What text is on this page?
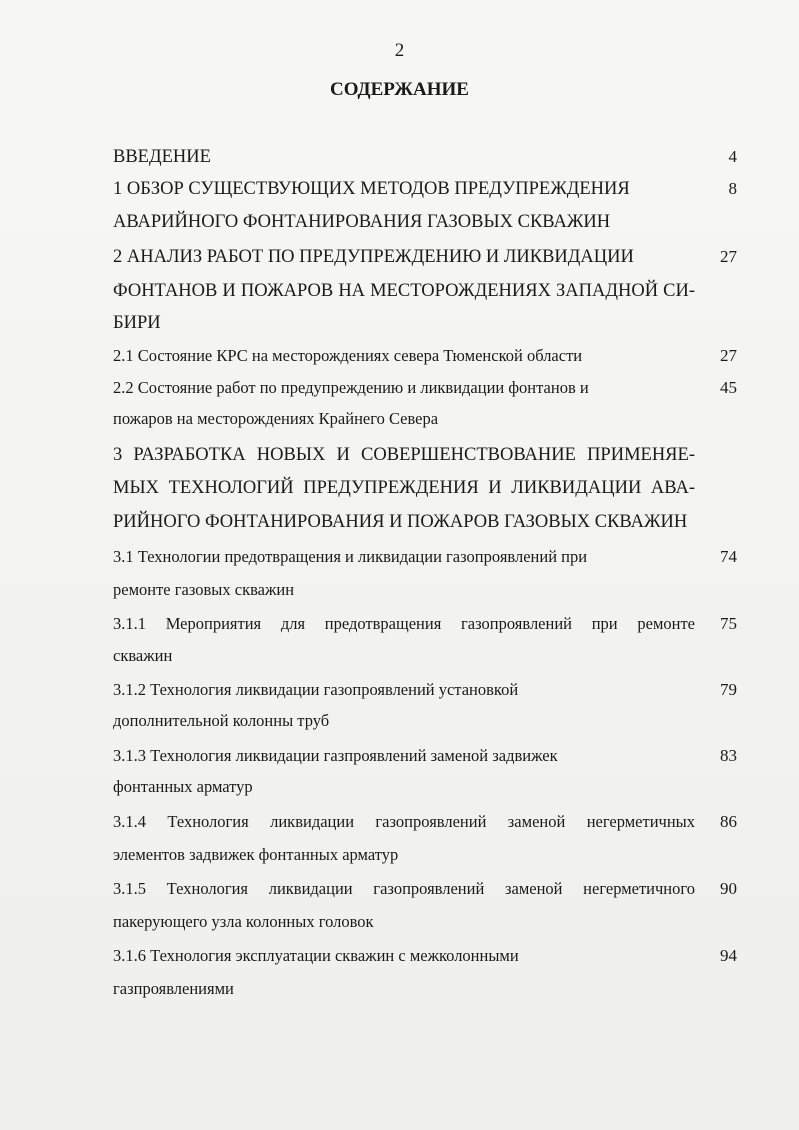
2
СОДЕРЖАНИЕ
ВВЕДЕНИЕ	4
1 ОБЗОР СУЩЕСТВУЮЩИХ МЕТОДОВ ПРЕДУПРЕЖДЕНИЯ
АВАРИЙНОГО ФОНТАНИРОВАНИЯ ГАЗОВЫХ СКВАЖИН
8
2 АНАЛИЗ РАБОТ ПО ПРЕДУПРЕЖДЕНИЮ И ЛИКВИДАЦИИ
ФОНТАНОВ И ПОЖАРОВ НА МЕСТОРОЖДЕНИЯХ ЗАПАДНОЙ СИ-
БИРИ
27
2.1 Состояние КРС на месторождениях севера Тюменской области	27
2.2 Состояние работ по предупреждению и ликвидации фонтанов и
пожаров на месторождениях Крайнего Севера
45
3 РАЗРАБОТКА НОВЫХ И СОВЕРШЕНСТВОВАНИЕ ПРИМЕНЯЕ-
МЫХ ТЕХНОЛОГИЙ ПРЕДУПРЕЖДЕНИЯ И ЛИКВИДАЦИИ АВА-
РИЙНОГО ФОНТАНИРОВАНИЯ И ПОЖАРОВ ГАЗОВЫХ СКВАЖИН
3.1 Технологии предотвращения и ликвидации газопроявлений при
ремонте газовых скважин
74
3.1.1 Мероприятия для предотвращения газопроявлений при ремонте
скважин
75
3.1.2 Технология ликвидации газопроявлений установкой
дополнительной колонны труб
79
3.1.3 Технология ликвидации газпроявлений заменой задвижек
фонтанных арматур
83
3.1.4 Технология ликвидации газопроявлений заменой негерметичных
элементов задвижек фонтанных арматур
86
3.1.5 Технология ликвидации газопроявлений заменой негерметичного
пакерующего узла колонных головок
90
3.1.6 Технология эксплуатации скважин с межколонными
газпроявлениями
94
